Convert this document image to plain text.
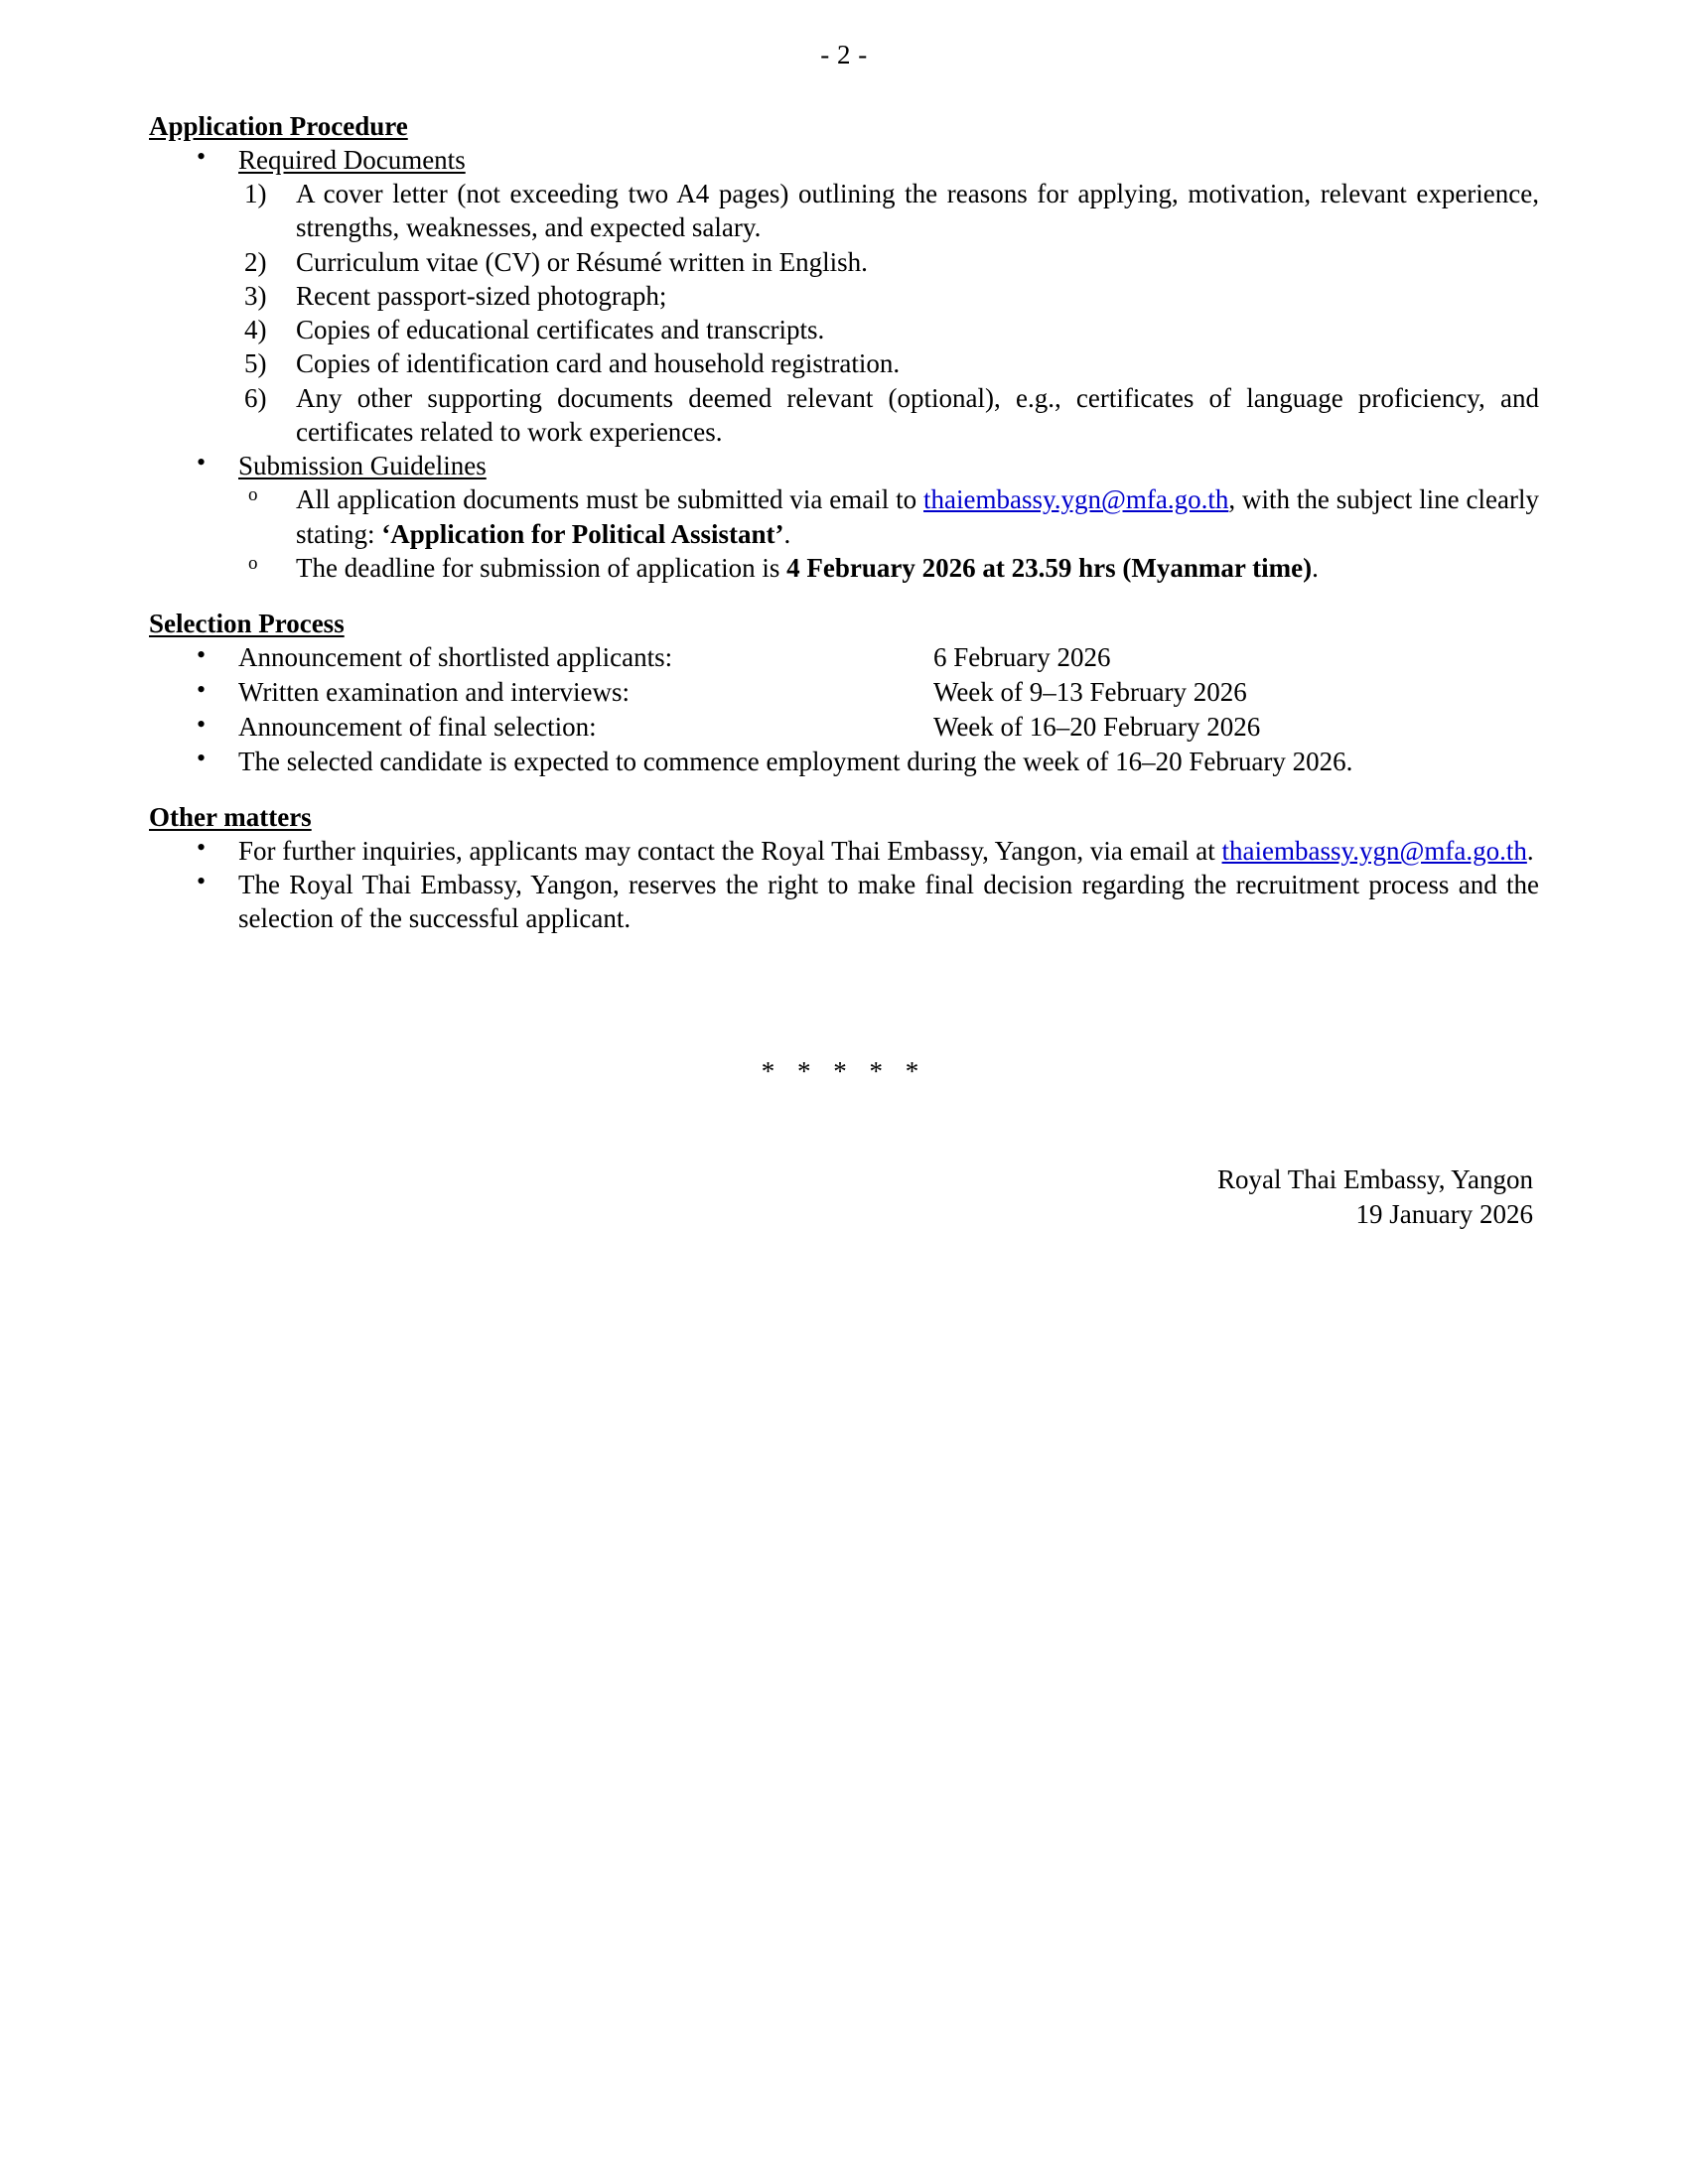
- 2 -
Application Procedure
• Required Documents
1)	A cover letter (not exceeding two A4 pages) outlining the reasons for applying, motivation, relevant experience, strengths, weaknesses, and expected salary.
2)	Curriculum vitae (CV) or Résumé written in English.
3)	Recent passport-sized photograph;
4)	Copies of educational certificates and transcripts.
5)	Copies of identification card and household registration.
6)	Any other supporting documents deemed relevant (optional), e.g., certificates of language proficiency, and certificates related to work experiences.
• Submission Guidelines
o All application documents must be submitted via email to thaiembassy.ygn@mfa.go.th, with the subject line clearly stating: ‘Application for Political Assistant’.
o The deadline for submission of application is 4 February 2026 at 23.59 hrs (Myanmar time).
Selection Process
• Announcement of shortlisted applicants:	6 February 2026
• Written examination and interviews:	Week of 9–13 February 2026
• Announcement of final selection:	Week of 16–20 February 2026
• The selected candidate is expected to commence employment during the week of 16–20 February 2026.
Other matters
• For further inquiries, applicants may contact the Royal Thai Embassy, Yangon, via email at thaiembassy.ygn@mfa.go.th.
• The Royal Thai Embassy, Yangon, reserves the right to make final decision regarding the recruitment process and the selection of the successful applicant.
* * * * *
Royal Thai Embassy, Yangon
19 January 2026
